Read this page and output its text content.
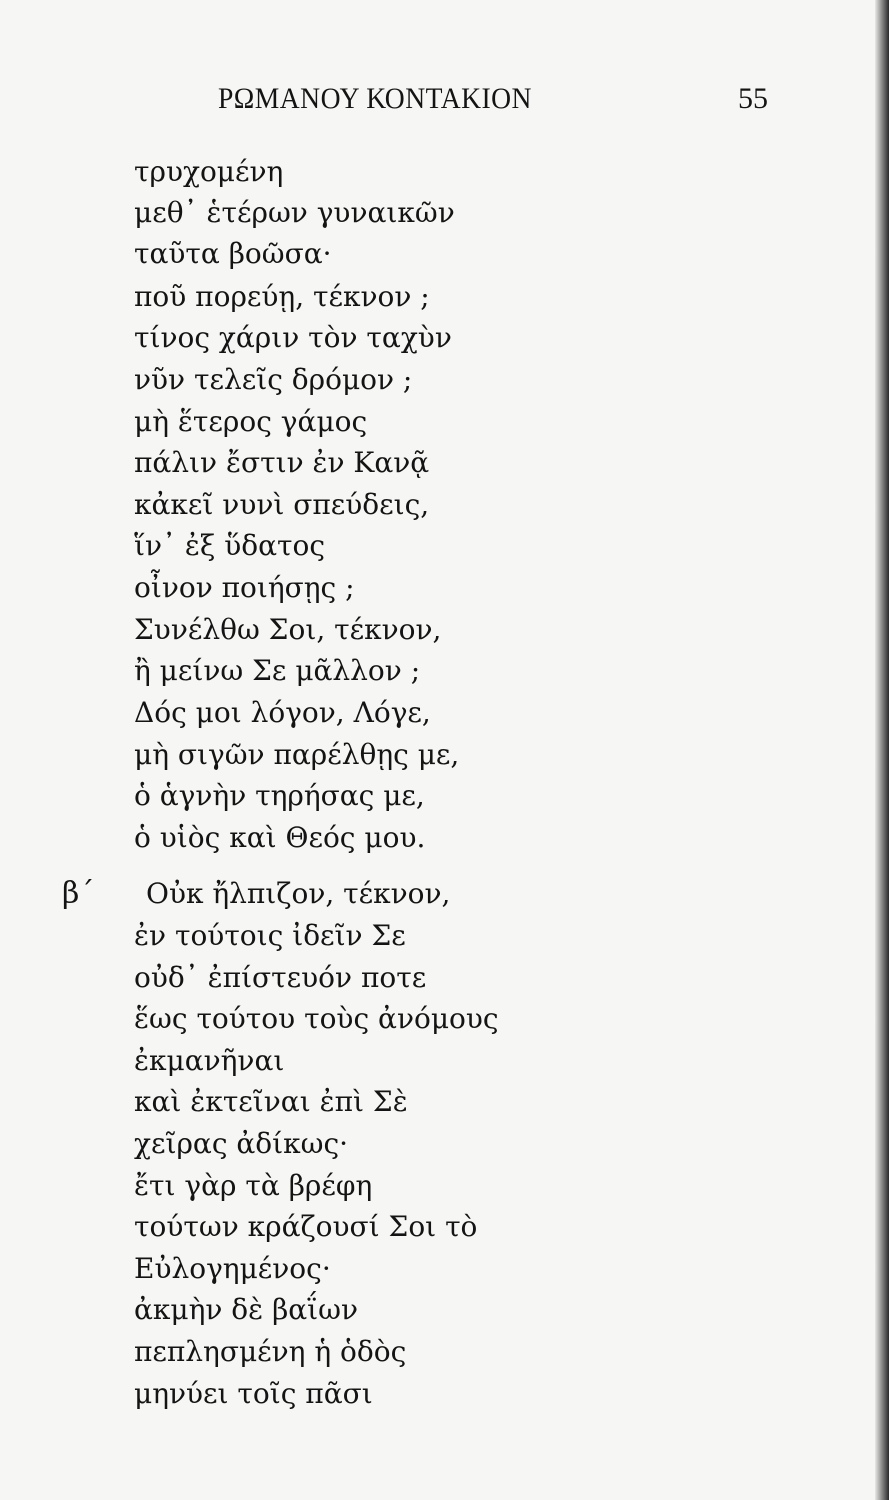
ΡΩΜΑΝΟΥ ΚΟΝΤΑΚΙΟΝ	55
τρυχομένη
μεθ᾽ ἑτέρων γυναικῶν
ταῦτα βοῶσα·
ποῦ πορεύῃ, τέκνον ;
τίνος χάριν τὸν ταχὺν
νῦν τελεῖς δρόμον ;
μὴ ἕτερος γάμος
πάλιν ἔστιν ἐν Κανᾷ
κἀκεῖ νυνὶ σπεύδεις,
ἵν᾽ ἐξ ὕδατος
οἶνον ποιήσῃς ;
Συνέλθω Σοι, τέκνον,
ἢ μείνω Σε μᾶλλον ;
Δός μοι λόγον, Λόγε,
μὴ σιγῶν παρέλθῃς με,
ὁ ἁγνὴν τηρήσας με,
ὁ υἱὸς καὶ Θεός μου.
β΄ Οὐκ ἤλπιζον, τέκνον,
ἐν τούτοις ἰδεῖν Σε
οὐδ᾽ ἐπίστευόν ποτε
ἕως τούτου τοὺς ἀνόμους
ἐκμανῆναι
καὶ ἐκτεῖναι ἐπὶ Σὲ
χεῖρας ἀδίκως·
ἔτι γὰρ τὰ βρέφη
τούτων κράζουσί Σοι τὸ
Εὐλογημένος·
ἀκμὴν δὲ βαΐων
πεπλησμένη ἡ ὁδὸς
μηνύει τοῖς πᾶσι
